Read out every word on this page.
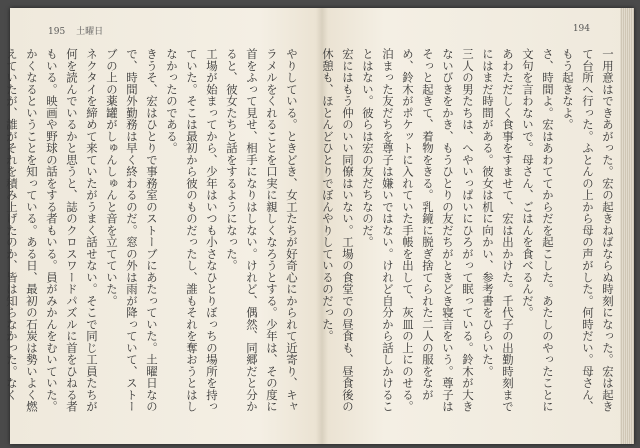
195 土曜日

やりしている。ときどき、女工たちが好奇心にかられて近寄り、キャラメルをくれることを口実に親しくなろうとする。少年は、その度に首をふって見せ、相手になりはしない。けれど、偶然、同郷だと分かると、彼女たちと話をするようになった。

工場が始まってから、少年はいつも小さなひとりぼっちの場所を持っていた。そこは最初から彼のものだったし、誰もそれを奪おうとはしなかったのである。

きうそ、宏はひとりで事務室のストーブにあたっていた。土曜日なので、時間外勤務は早く終わるのだ。窓の外は雨が降っていて、ストーブの上の薬罐がしゅんしゅんと音を立てていた。

ネクタイを締めて来ていたがうまく話せない。そこで同じ工員たちが何を読んでいるかと思うと、誌のクロスワードパズルに首をひねる者もいる。映画や野球の話をする者もいる。員がみかんをむいていた。

かくなるということを知っている。ある日、最初の石炭は勢いよく燃えていたが、誰がそれを積み上げたのか、皆は知らなかった。なく

194

一用意はできあがった。宏の起きねばならぬ時刻になった。宏は起きて台所へ行った。ふとんの上から母の声がした。何時だい。母さん、もう起きなよ。

さ、時間よ。宏はあわててからだを起こした。あたしのやったことに文句を言わないで。母さん、ごはんを食べるんだ。

あわただしく食事をすませて、宏は出かけた。千代子の出勤時刻までにはまだ時間がある。彼女は机に向かい、参考書をひらいた。

三人の男たちは、へやいっぱいにひろがって眠っている。鈴木が大きないびきをかき、もうひとりの友だちがときどき寝言をいう。尊子はそっと起きて、着物をきる。乳鏡に脱ぎ捨てられた二人の服をながめ、鈴木がポケットに入れていた手帳を出して、灰皿の上にのせる。

泊まった友だちを尊子は嫌いではない。けれど自分から話しかけることはない。彼らは宏の友だちなのだ。

宏にはもう仲のいい同僚はいない。工場の食堂での昼食も、昼食後の休憩も、ほとんどひとりでぼんやりしているのだった。
